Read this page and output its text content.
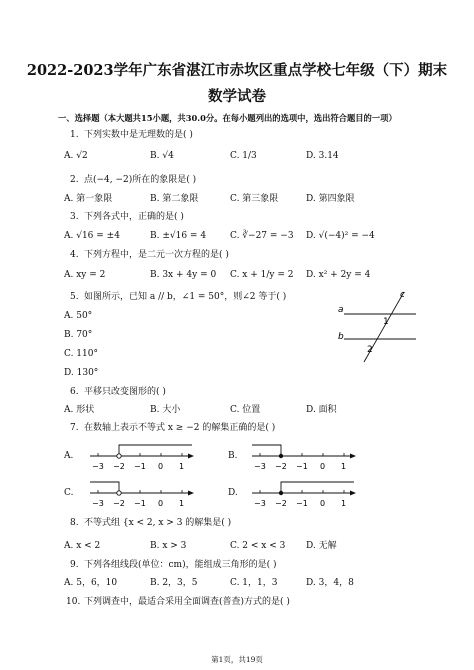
2022-2023学年广东省湛江市赤坎区重点学校七年级（下）期末
数学试卷
一、选择题（本大题共15小题，共30.0分。在每小题列出的选项中，选出符合题目的一项）
1. 下列实数中是无理数的是( )
A. √2	B. √4	C. 1/3	D. 3.14
2. 点(−4, −2)所在的象限是( )
A. 第一象限	B. 第二象限	C. 第三象限	D. 第四象限
3. 下列各式中，正确的是( )
A. √16 = ±4	B. ±√16 = 4	C. ∛−27 = −3 D. √(−4)² = −4
4. 下列方程中，是二元一次方程的是( )
A. xy = 2	B. 3x + 4y = 0 C. x + 1/y = 2 D. x² + 2y = 4
5. 如图所示，已知 a // b，∠1 = 50°，则∠2 等于( )
A. 50°
B. 70°
C. 110°
D. 130°
a
b
c
1
2
6. 平移只改变图形的( )
A. 形状	B. 大小	C. 位置	D. 面积
7. 在数轴上表示不等式 x ≥ −2 的解集正确的是( )
A.	B.
C.	D.
−3 −2 −1 0 1	−3 −2 −1 0 1
−3 −2 −1 0 1	−3 −2 −1 0 1
8. 不等式组 {x < 2, x > 3 的解集是( )
A. x < 2	B. x > 3	C. 2 < x < 3 D. 无解
9. 下列各组线段(单位：cm)，能组成三角形的是( )
A. 5，6，10	B. 2，3，5	C. 1，1，3	D. 3，4，8
10. 下列调查中，最适合采用全面调查(普查)方式的是( )
第1页，共19页
